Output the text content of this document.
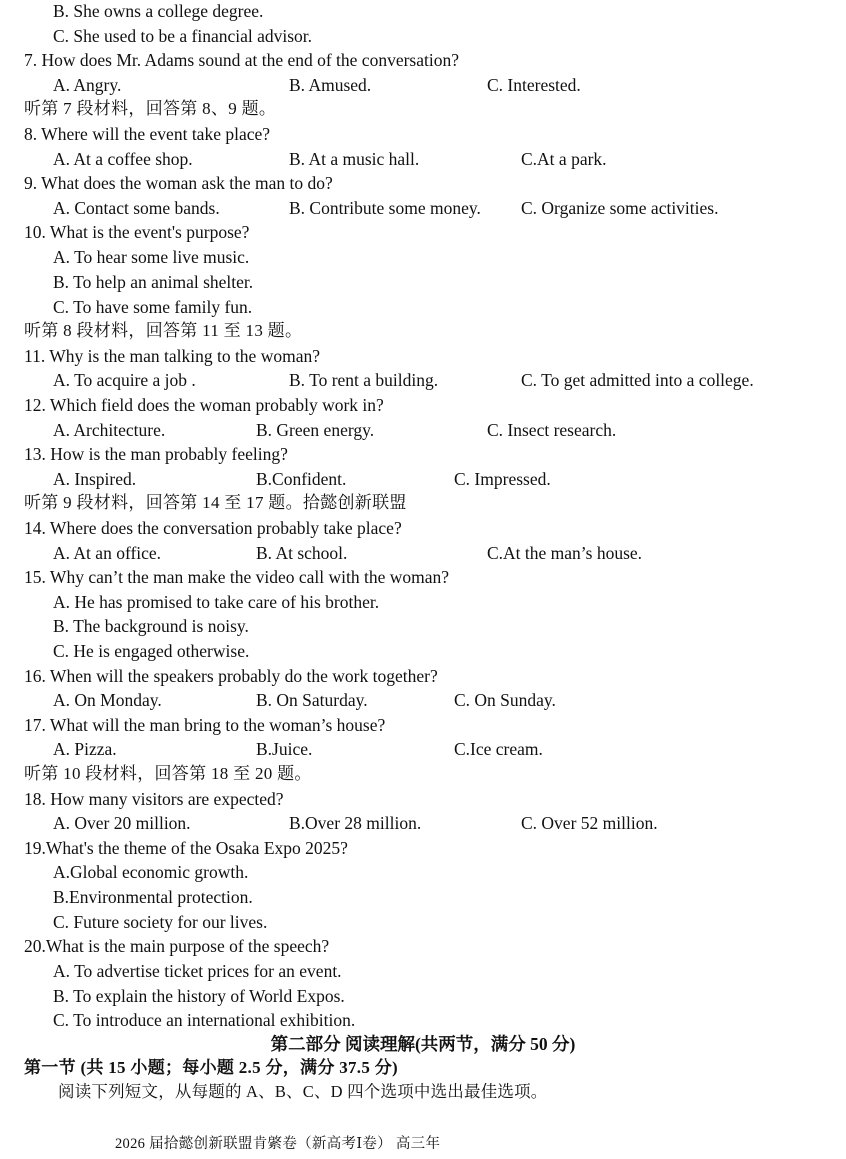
B. She owns a college degree.
C. She used to be a financial advisor.
7. How does Mr. Adams sound at the end of the conversation?
A. Angry.	B. Amused.	C. Interested.
听第 7 段材料，回答第 8、9 题。
8. Where will the event take place?
A. At a coffee shop.	B. At a music hall.	C.At a park.
9. What does the woman ask the man to do?
A. Contact some bands.	B. Contribute some money. C. Organize some activities.
10. What is the event's purpose?
A. To hear some live music.
B. To help an animal shelter.
C. To have some family fun.
听第 8 段材料，回答第 11 至 13 题。
11. Why is the man talking to the woman?
A. To acquire a job .	B. To rent a building.	C. To get admitted into a college.
12. Which field does the woman probably work in?
A. Architecture.	B. Green energy.	C. Insect research.
13. How is the man probably feeling?
A. Inspired.	B.Confident.	C. Impressed.
听第 9 段材料，回答第 14 至 17 题。拾懿创新联盟
14. Where does the conversation probably take place?
A. At an office.	B. At school.	C.At the man’s house.
15. Why can’t the man make the video call with the woman?
A. He has promised to take care of his brother.
B. The background is noisy.
C. He is engaged otherwise.
16. When will the speakers probably do the work together?
A. On Monday.	B. On Saturday.	C. On Sunday.
17. What will the man bring to the woman’s house?
A. Pizza.	B.Juice.	C.Ice cream.
听第 10 段材料，回答第 18 至 20 题。
18. How many visitors are expected?
A. Over 20 million.	B.Over 28 million.	C. Over 52 million.
19.What's the theme of the Osaka Expo 2025?
A.Global economic growth.
B.Environmental protection.
C. Future society for our lives.
20.What is the main purpose of the speech?
A. To advertise ticket prices for an event.
B. To explain the history of World Expos.
C. To introduce an international exhibition.
第二部分 阅读理解(共两节，满分 50 分)
第一节 (共 15 小题；每小题 2.5 分，满分 37.5 分)
阅读下列短文，从每题的 A、B、C、D 四个选项中选出最佳选项。
2026 届拾懿创新联盟肯綮卷（新高考Ⅰ卷） 高三年
